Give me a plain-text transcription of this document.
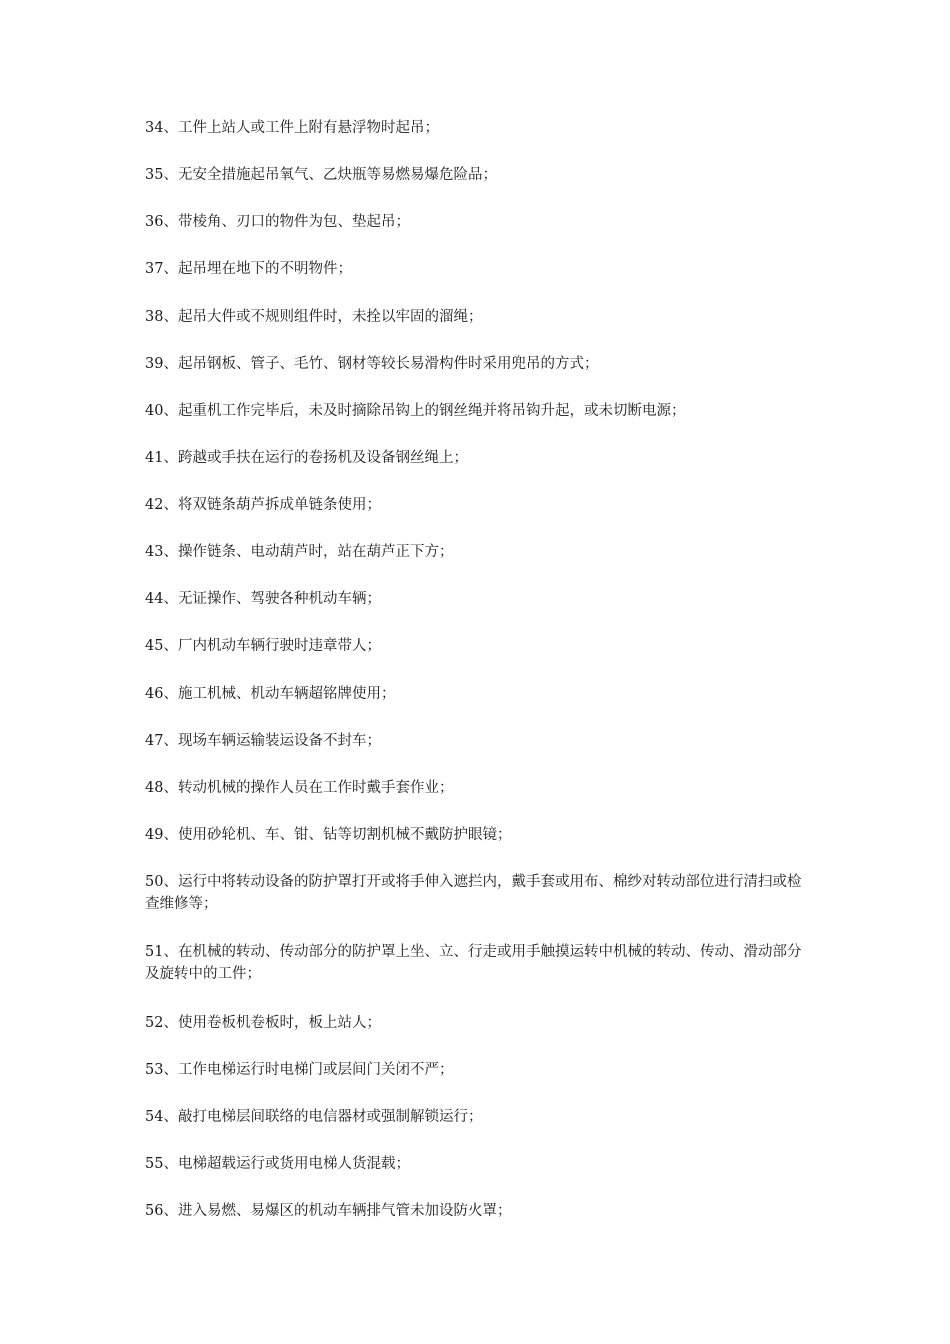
34、工件上站人或工件上附有悬浮物时起吊；

35、无安全措施起吊氧气、乙炔瓶等易燃易爆危险品；

36、带棱角、刃口的物件为包、垫起吊；

37、起吊埋在地下的不明物件；

38、起吊大件或不规则组件时，未拴以牢固的溜绳；

39、起吊钢板、管子、毛竹、钢材等较长易滑构件时采用兜吊的方式；

40、起重机工作完毕后，未及时摘除吊钩上的钢丝绳并将吊钩升起，或未切断电源；

41、跨越或手扶在运行的卷扬机及设备钢丝绳上；

42、将双链条葫芦拆成单链条使用；

43、操作链条、电动葫芦时，站在葫芦正下方；

44、无证操作、驾驶各种机动车辆；

45、厂内机动车辆行驶时违章带人；

46、施工机械、机动车辆超铭牌使用；

47、现场车辆运输装运设备不封车；

48、转动机械的操作人员在工作时戴手套作业；

49、使用砂轮机、车、钳、钻等切割机械不戴防护眼镜；

50、运行中将转动设备的防护罩打开或将手伸入遮拦内，戴手套或用布、棉纱对转动部位进行清扫或检查维修等；

51、在机械的转动、传动部分的防护罩上坐、立、行走或用手触摸运转中机械的转动、传动、滑动部分及旋转中的工件；

52、使用卷板机卷板时，板上站人；

53、工作电梯运行时电梯门或层间门关闭不严；

54、敲打电梯层间联络的电信器材或强制解锁运行；

55、电梯超载运行或货用电梯人货混载；

56、进入易燃、易爆区的机动车辆排气管未加设防火罩；
